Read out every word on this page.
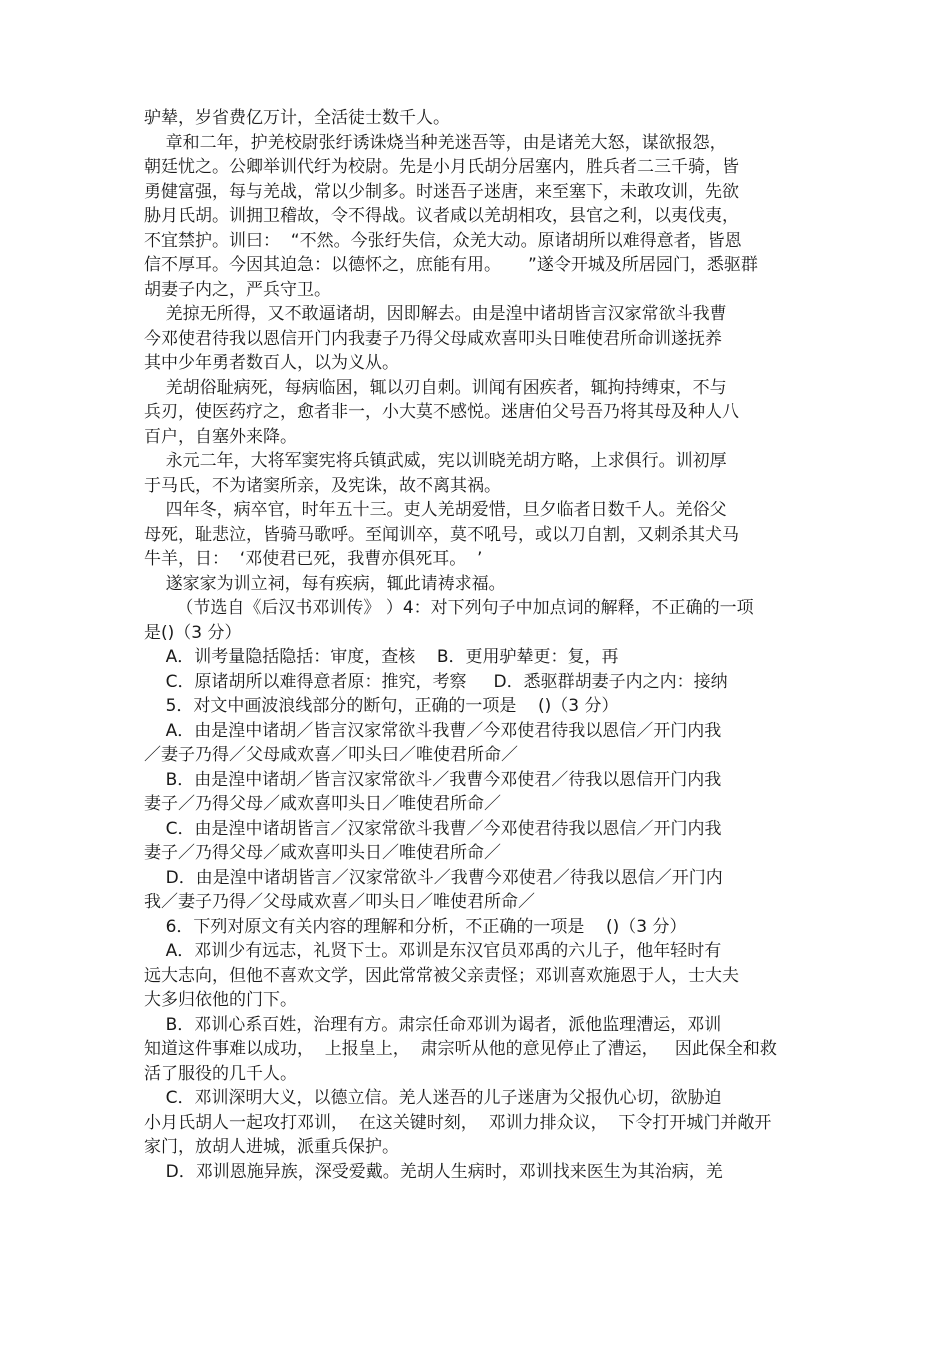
驴辇，岁省费亿万计，全活徒士数千人。
章和二年，护羌校尉张纡诱诛烧当种羌迷吾等，由是诸羌大怒，谋欲报怨，
朝廷忧之。公卿举训代纡为校尉。先是小月氏胡分居塞内，胜兵者二三千骑，皆
勇健富强，每与羌战，常以少制多。时迷吾子迷唐，来至塞下，未敢攻训，先欲
胁月氏胡。训拥卫稽故，令不得战。议者咸以羌胡相攻，县官之利，以夷伐夷，
不宜禁护。训曰：  “不然。今张纡失信，众羌大动。原诸胡所以难得意者，皆恩
信不厚耳。今因其迫急：以德怀之，庶能有用。     ”遂令开城及所居园门，悉驱群
胡妻子内之，严兵守卫。
羌掠无所得，又不敢逼诸胡，因即解去。由是湟中诸胡皆言汉家常欲斗我曹
今邓使君待我以恩信开门内我妻子乃得父母咸欢喜叩头日唯使君所命训遂抚养
其中少年勇者数百人，以为义从。
羌胡俗耻病死，每病临困，辄以刃自刺。训闻有困疾者，辄拘持缚束，不与
兵刃，使医药疗之，愈者非一，小大莫不感悦。迷唐伯父号吾乃将其母及种人八
百户，自塞外来降。
永元二年，大将军窦宪将兵镇武威，宪以训晓羌胡方略，上求俱行。训初厚
于马氏，不为诸窦所亲，及宪诛，故不离其祸。
四年冬，病卒官，时年五十三。吏人羌胡爱惜，旦夕临者日数千人。羌俗父
母死，耻悲泣，皆骑马歌呼。至闻训卒，莫不吼号，或以刀自割，又刺杀其犬马
牛羊，日：  ‘邓使君已死，我曹亦俱死耳。  ’
遂家家为训立祠，每有疾病，辄此请祷求福。
（节选自《后汉书邓训传》 ）4：对下列句子中加点词的解释，不正确的一项
是()（3 分）
A．训考量隐括隐括：审度，查核    B．更用驴辇更：复，再
C．原诸胡所以难得意者原：推究，考察     D．悉驱群胡妻子内之内：接纳
5．对文中画波浪线部分的断句，正确的一项是    ()（3 分）
A．由是湟中诸胡／皆言汉家常欲斗我曹／今邓使君待我以恩信／开门内我
／妻子乃得／父母咸欢喜／叩头曰／唯使君所命／
B．由是湟中诸胡／皆言汉家常欲斗／我曹今邓使君／待我以恩信开门内我
妻子／乃得父母／咸欢喜叩头日／唯使君所命／
C．由是湟中诸胡皆言／汉家常欲斗我曹／今邓使君待我以恩信／开门内我
妻子／乃得父母／咸欢喜叩头日／唯使君所命／
D．由是湟中诸胡皆言／汉家常欲斗／我曹今邓使君／待我以恩信／开门内
我／妻子乃得／父母咸欢喜／叩头日／唯使君所命／
6．下列对原文有关内容的理解和分析，不正确的一项是    ()（3 分）
A．邓训少有远志，礼贤下士。邓训是东汉官员邓禹的六儿子，他年轻时有
远大志向，但他不喜欢文学，因此常常被父亲责怪；邓训喜欢施恩于人，士大夫
大多归依他的门下。
B．邓训心系百姓，治理有方。肃宗任命邓训为谒者，派他监理漕运，邓训
知道这件事难以成功，  上报皇上，  肃宗听从他的意见停止了漕运，   因此保全和救
活了服役的几千人。
C．邓训深明大义，以德立信。羌人迷吾的儿子迷唐为父报仇心切，欲胁迫
小月氏胡人一起攻打邓训，  在这关键时刻，  邓训力排众议，  下令打开城门并敞开
家门，放胡人进城，派重兵保护。
D．邓训恩施异族，深受爱戴。羌胡人生病时，邓训找来医生为其治病，羌
